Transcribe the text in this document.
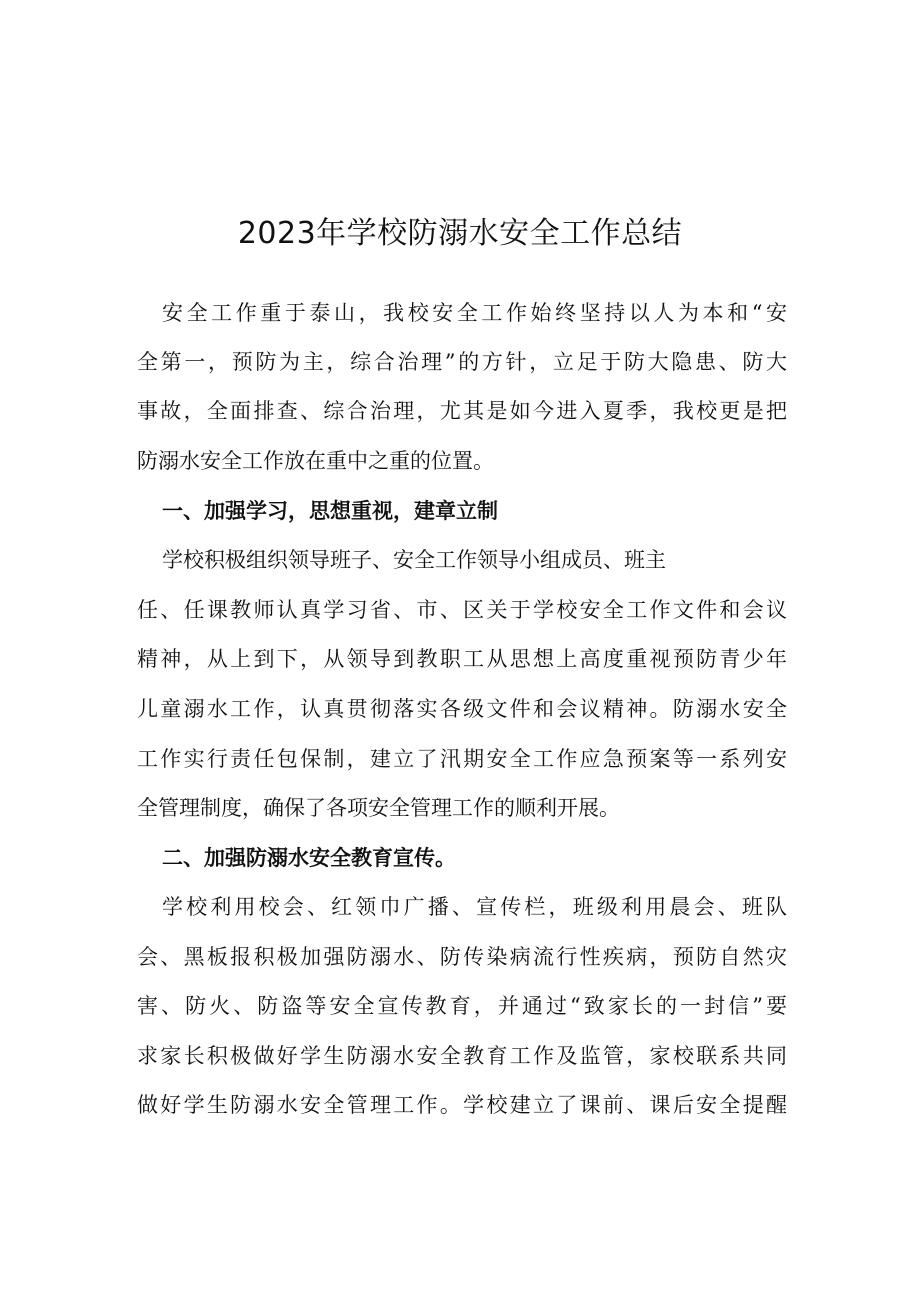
2023年学校防溺水安全工作总结
安全工作重于泰山，我校安全工作始终坚持以人为本和“安
全第一，预防为主，综合治理”的方针，立足于防大隐患、防大
事故，全面排查、综合治理，尤其是如今进入夏季，我校更是把
防溺水安全工作放在重中之重的位置。
一、加强学习，思想重视，建章立制
学校积极组织领导班子、安全工作领导小组成员、班主
任、任课教师认真学习省、市、区关于学校安全工作文件和会议
精神，从上到下，从领导到教职工从思想上高度重视预防青少年
儿童溺水工作，认真贯彻落实各级文件和会议精神。防溺水安全
工作实行责任包保制，建立了汛期安全工作应急预案等一系列安
全管理制度，确保了各项安全管理工作的顺利开展。
二、加强防溺水安全教育宣传。
学校利用校会、红领巾广播、宣传栏，班级利用晨会、班队
会、黑板报积极加强防溺水、防传染病流行性疾病，预防自然灾
害、防火、防盗等安全宣传教育，并通过“致家长的一封信”要
求家长积极做好学生防溺水安全教育工作及监管，家校联系共同
做好学生防溺水安全管理工作。学校建立了课前、课后安全提醒
